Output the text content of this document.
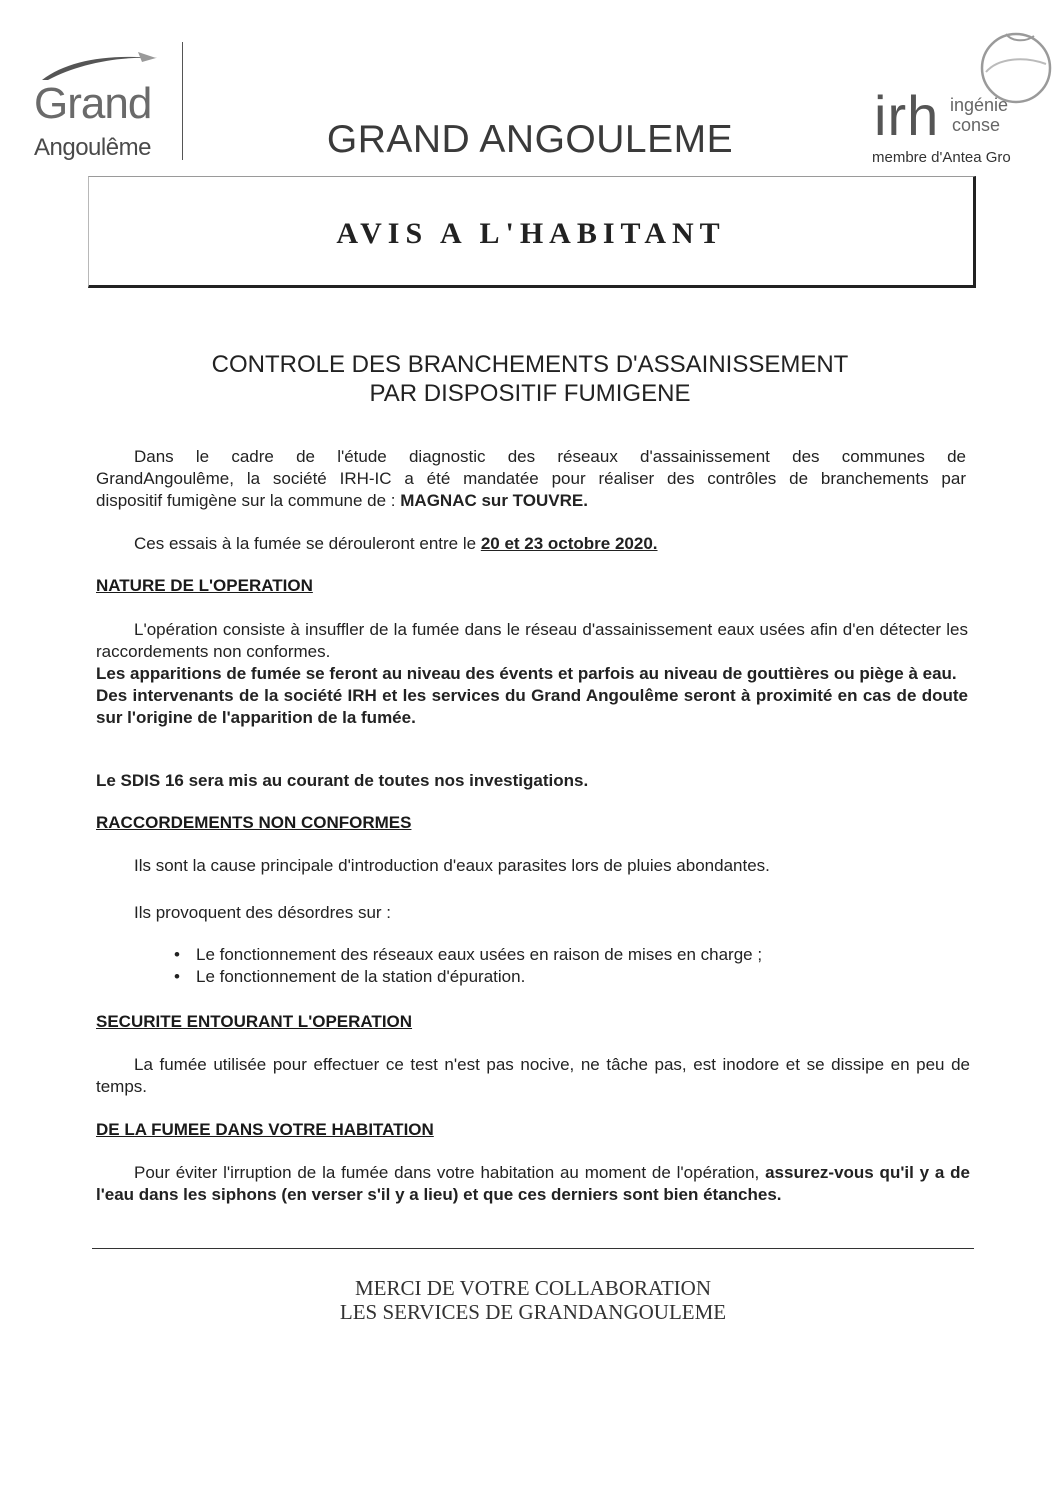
Grand
Angoulême	GRAND ANGOULEME	irh ingénie
conse
membre d'Antea Gro
AVIS A L'HABITANT
CONTROLE DES BRANCHEMENTS D'ASSAINISSEMENT
PAR DISPOSITIF FUMIGENE
Dans le cadre de l'étude diagnostic des réseaux d'assainissement des communes de
GrandAngoulême, la société IRH-IC a été mandatée pour réaliser des contrôles de branchements par
dispositif fumigène sur la commune de : MAGNAC sur TOUVRE.
Ces essais à la fumée se dérouleront entre le 20 et 23 octobre 2020.
NATURE DE L'OPERATION
L'opération consiste à insuffler de la fumée dans le réseau d'assainissement eaux usées afin d'en détecter les raccordements non conformes.
Les apparitions de fumée se feront au niveau des évents et parfois au niveau de gouttières ou piège à eau.
Des intervenants de la société IRH et les services du Grand Angoulême seront à proximité en cas de doute sur l'origine de l'apparition de la fumée.
Le SDIS 16 sera mis au courant de toutes nos investigations.
RACCORDEMENTS NON CONFORMES
Ils sont la cause principale d'introduction d'eaux parasites lors de pluies abondantes.
Ils provoquent des désordres sur :
• Le fonctionnement des réseaux eaux usées en raison de mises en charge ;
• Le fonctionnement de la station d'épuration.
SECURITE ENTOURANT L'OPERATION
La fumée utilisée pour effectuer ce test n'est pas nocive, ne tâche pas, est inodore et se dissipe en peu de temps.
DE LA FUMEE DANS VOTRE HABITATION
Pour éviter l'irruption de la fumée dans votre habitation au moment de l'opération, assurez-vous qu'il y a de l'eau dans les siphons (en verser s'il y a lieu) et que ces derniers sont bien étanches.
MERCI DE VOTRE COLLABORATION
LES SERVICES DE GRANDANGOULEME
